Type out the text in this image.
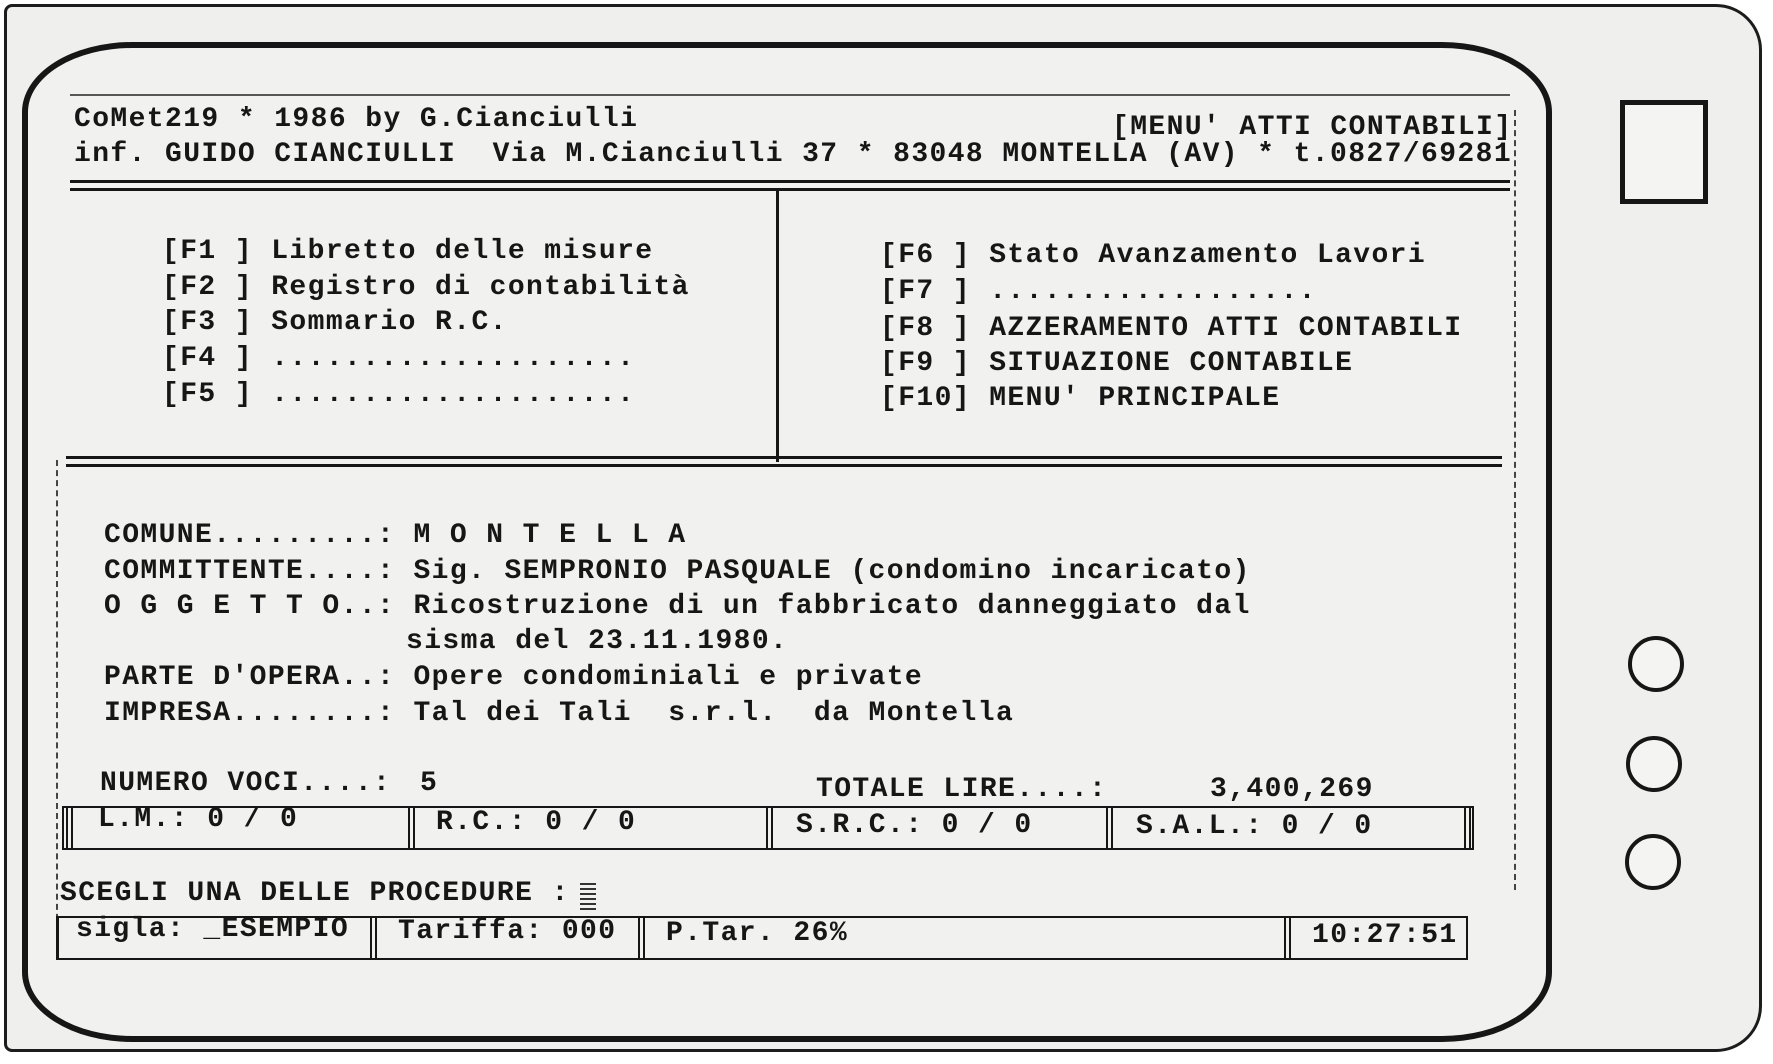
CoMet219 * 1986 by G.Cianciulli	[MENU' ATTI CONTABILI]
inf. GUIDO CIANCIULLI  Via M.Cianciulli 37 * 83048 MONTELLA (AV) * t.0827/69281
[F1 ] Libretto delle misure
[F2 ] Registro di contabilità
[F3 ] Sommario R.C.
[F4 ] ....................
[F5 ] ....................
[F6 ] Stato Avanzamento Lavori
[F7 ] ..................
[F8 ] AZZERAMENTO ATTI CONTABILI
[F9 ] SITUAZIONE CONTABILE
[F10] MENU' PRINCIPALE
COMUNE.........: M O N T E L L A
COMMITTENTE....: Sig. SEMPRONIO PASQUALE (condomino incaricato)
O G G E T T O..: Ricostruzione di un fabbricato danneggiato dal
sisma del 23.11.1980.
PARTE D'OPERA..: Opere condominiali e private
IMPRESA........: Tal dei Tali  s.r.l.  da Montella
NUMERO VOCI....: 5	TOTALE LIRE....:	3,400,269
L.M.: 0 / 0	R.C.: 0 / 0	S.R.C.: 0 / 0	S.A.L.: 0 / 0
SCEGLI UNA DELLE PROCEDURE :
sigla: _ESEMPIO Tariffa: 000 P.Tar. 26%	10:27:51
